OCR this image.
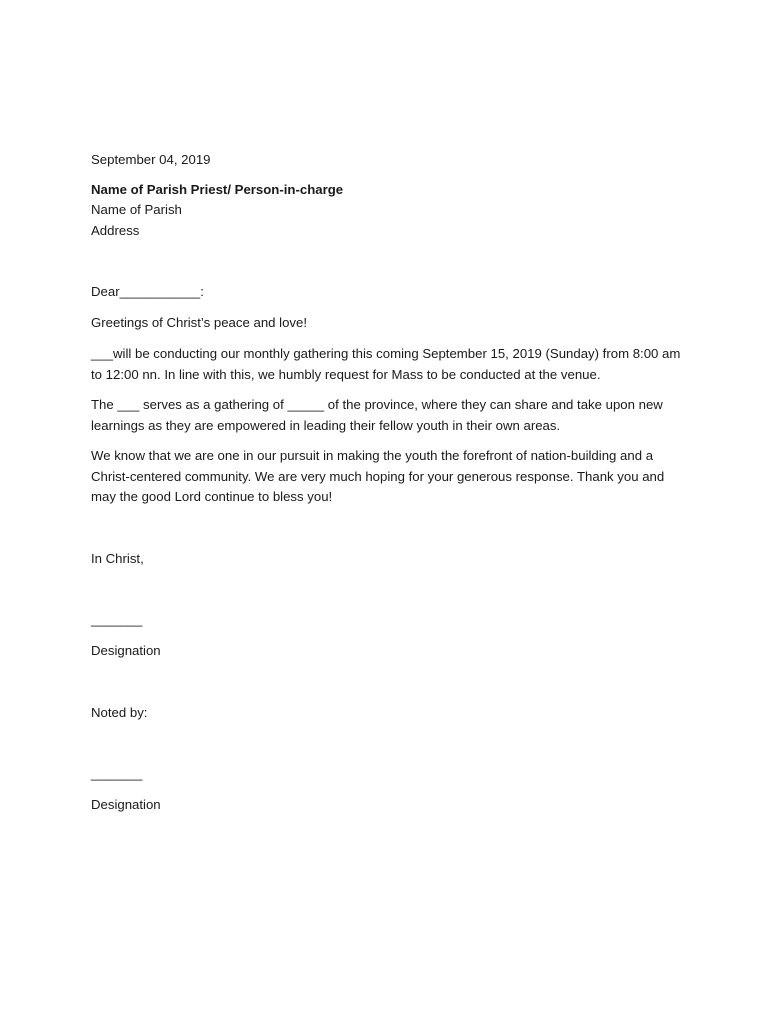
September 04, 2019
Name of Parish Priest/ Person-in-charge
Name of Parish
Address
Dear___________:
Greetings of Christ’s peace and love!
___will be conducting our monthly gathering this coming September 15, 2019 (Sunday) from 8:00 am to 12:00 nn. In line with this, we humbly request for Mass to be conducted at the venue.
The ___ serves as a gathering of _____ of the province, where they can share and take upon new learnings as they are empowered in leading their fellow youth in their own areas.
We know that we are one in our pursuit in making the youth the forefront of nation-building and a Christ-centered community. We are very much hoping for your generous response. Thank you and may the good Lord continue to bless you!
In Christ,
_______
Designation
Noted by:
_______
Designation
